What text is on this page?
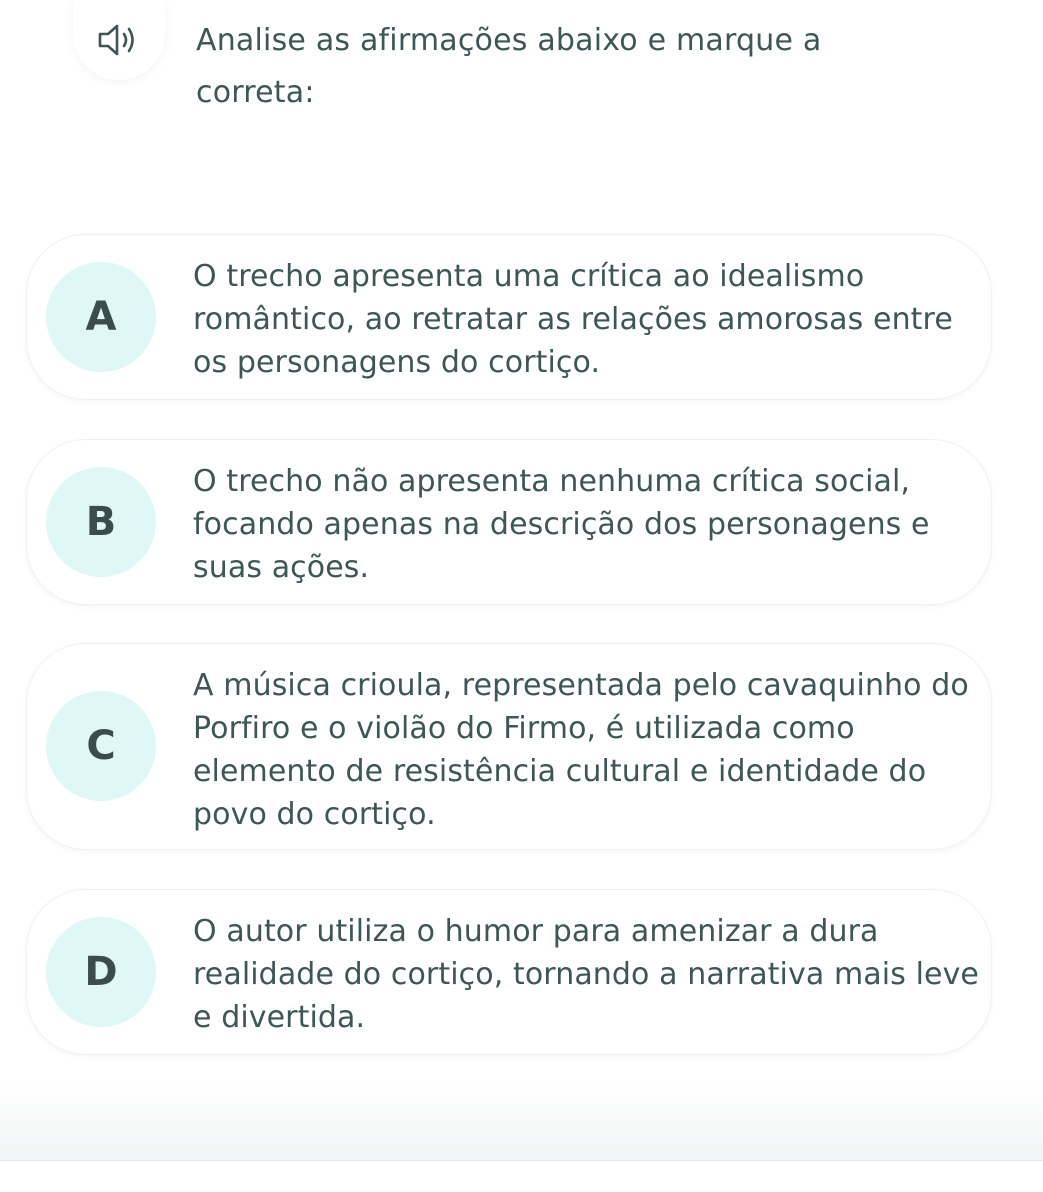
Analise as afirmações abaixo e marque a correta:
A
O trecho apresenta uma crítica ao idealismo romântico, ao retratar as relações amorosas entre os personagens do cortiço.
B
O trecho não apresenta nenhuma crítica social, focando apenas na descrição dos personagens e suas ações.
C
A música crioula, representada pelo cavaquinho do Porfiro e o violão do Firmo, é utilizada como elemento de resistência cultural e identidade do povo do cortiço.
D
O autor utiliza o humor para amenizar a dura realidade do cortiço, tornando a narrativa mais leve e divertida.
